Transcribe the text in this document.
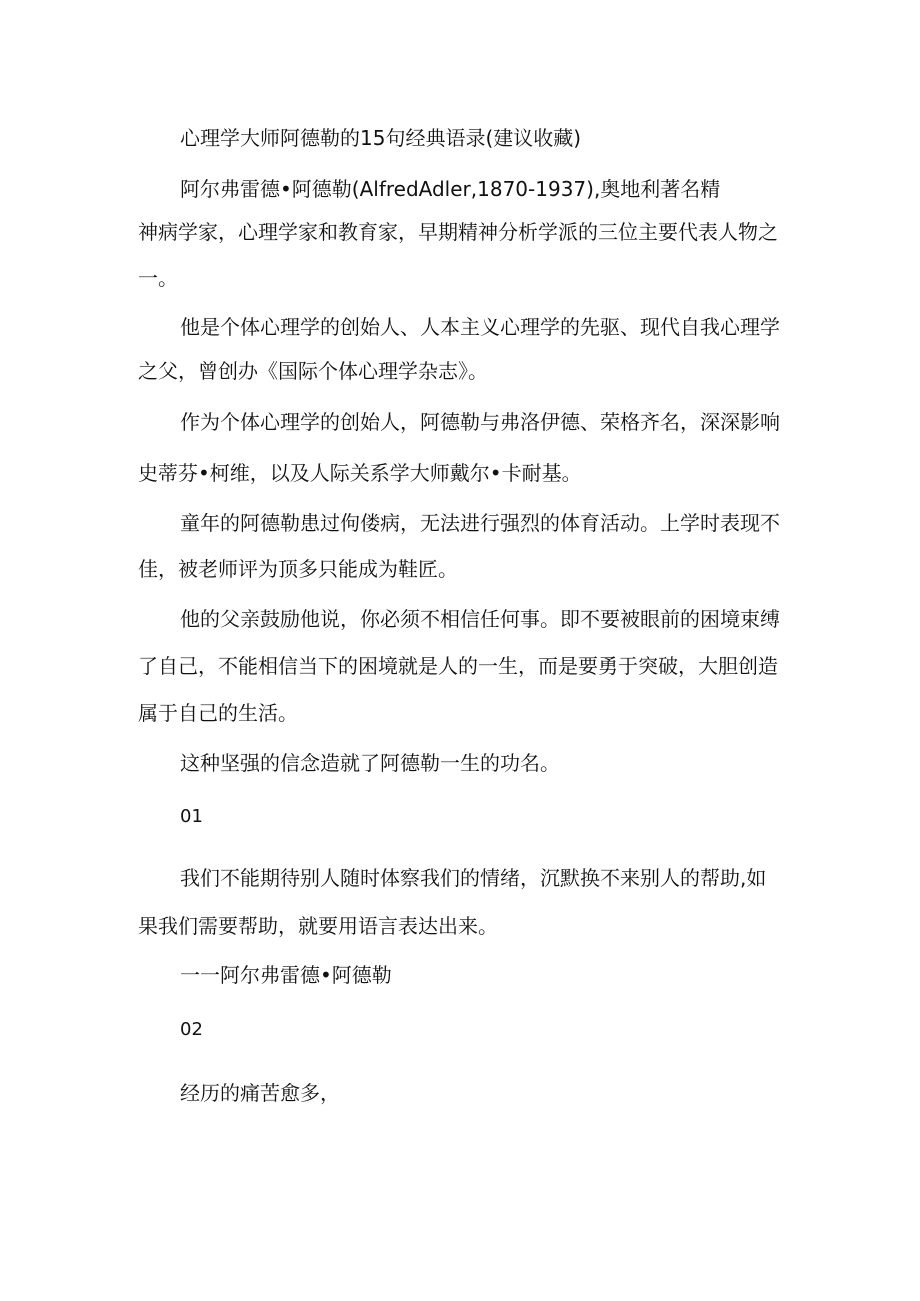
心理学大师阿德勒的15句经典语录(建议收藏)
阿尔弗雷德•阿德勒(AlfredAdler,1870-1937),奥地利著名精
神病学家，心理学家和教育家，早期精神分析学派的三位主要代表人物之
一。
他是个体心理学的创始人、人本主义心理学的先驱、现代自我心理学
之父，曾创办《国际个体心理学杂志》。
作为个体心理学的创始人，阿德勒与弗洛伊德、荣格齐名，深深影响
史蒂芬•柯维，以及人际关系学大师戴尔•卡耐基。
童年的阿德勒患过佝偻病，无法进行强烈的体育活动。上学时表现不
佳，被老师评为顶多只能成为鞋匠。
他的父亲鼓励他说，你必须不相信任何事。即不要被眼前的困境束缚
了自己，不能相信当下的困境就是人的一生，而是要勇于突破，大胆创造
属于自己的生活。
这种坚强的信念造就了阿德勒一生的功名。
01
我们不能期待别人随时体察我们的情绪，沉默换不来别人的帮助,如
果我们需要帮助，就要用语言表达出来。
一一阿尔弗雷德•阿德勒
02
经历的痛苦愈多，
